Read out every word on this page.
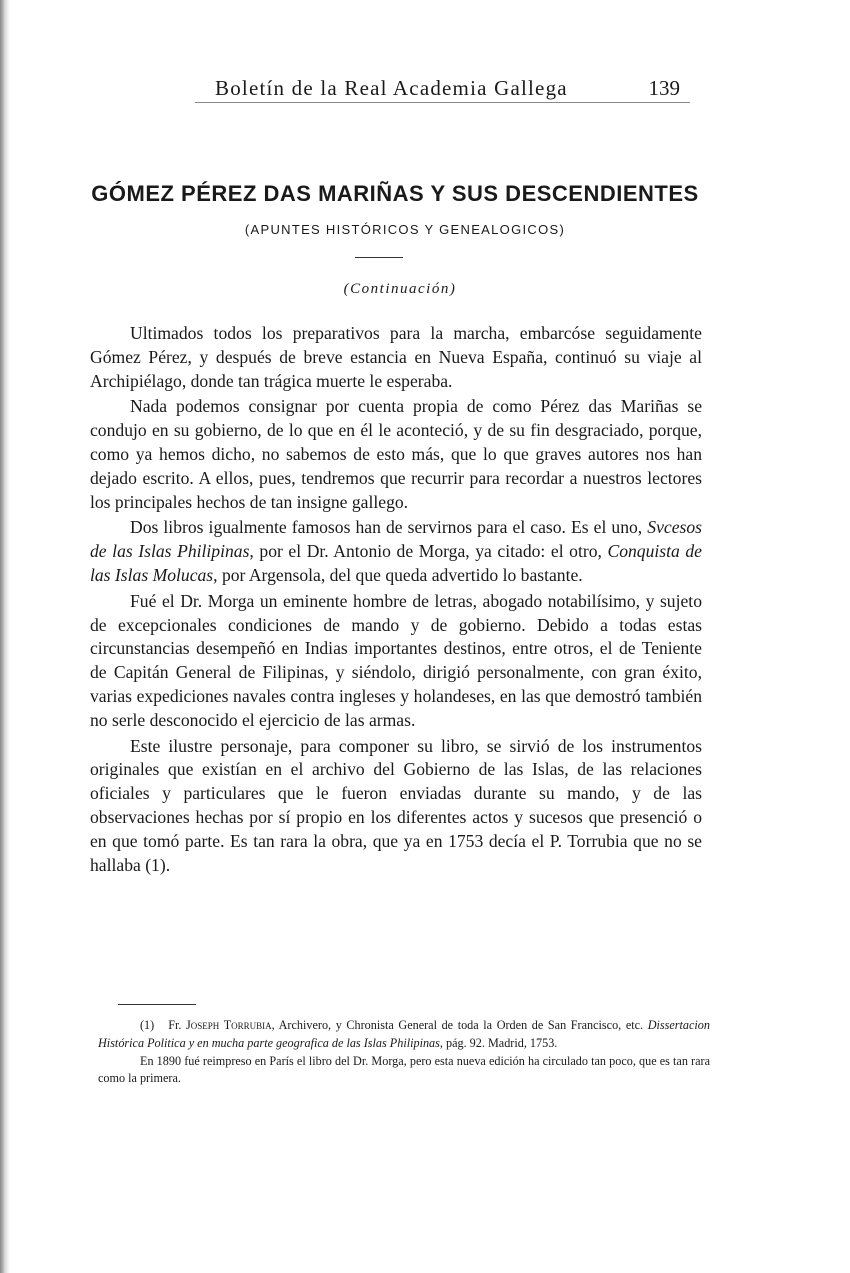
Boletín de la Real Academia Gallega	139
GÓMEZ PÉREZ DAS MARIÑAS Y SUS DESCENDIENTES
(APUNTES HISTÓRICOS Y GENEALOGICOS)
(Continuación)

Ultimados todos los preparativos para la marcha, embarcóse seguidamente Gómez Pérez, y después de breve estancia en Nueva España, continuó su viaje al Archipiélago, donde tan trágica muerte le esperaba.

Nada podemos consignar por cuenta propia de como Pérez das Mariñas se condujo en su gobierno, de lo que en él le aconteció, y de su fin desgraciado, porque, como ya hemos dicho, no sabemos de esto más, que lo que graves autores nos han dejado escrito. A ellos, pues, tendremos que recurrir para recordar a nuestros lectores los principales hechos de tan insigne gallego.

Dos libros igualmente famosos han de servirnos para el caso. Es el uno, Svcesos de las Islas Philipinas, por el Dr. Antonio de Morga, ya citado: el otro, Conquista de las Islas Molucas, por Argensola, del que queda advertido lo bastante.

Fué el Dr. Morga un eminente hombre de letras, abogado notabilísimo, y sujeto de excepcionales condiciones de mando y de gobierno. Debido a todas estas circunstancias desempeñó en Indias importantes destinos, entre otros, el de Teniente de Capitán General de Filipinas, y siéndolo, dirigió personalmente, con gran éxito, varias expediciones navales contra ingleses y holandeses, en las que demostró también no serle desconocido el ejercicio de las armas.

Este ilustre personaje, para componer su libro, se sirvió de los instrumentos originales que existían en el archivo del Gobierno de las Islas, de las relaciones oficiales y particulares que le fueron enviadas durante su mando, y de las observaciones hechas por sí propio en los diferentes actos y sucesos que presenció o en que tomó parte. Es tan rara la obra, que ya en 1753 decía el P. Torrubia que no se hallaba (1).

(1) Fr. Joseph Torrubia, Archivero, y Chronista General de toda la Orden de San Francisco, etc. Dissertacion Histórica Politica y en mucha parte geografica de las Islas Philipinas, pág. 92. Madrid, 1753.

En 1890 fué reimpreso en París el libro del Dr. Morga, pero esta nueva edición ha circulado tan poco, que es tan rara como la primera.
